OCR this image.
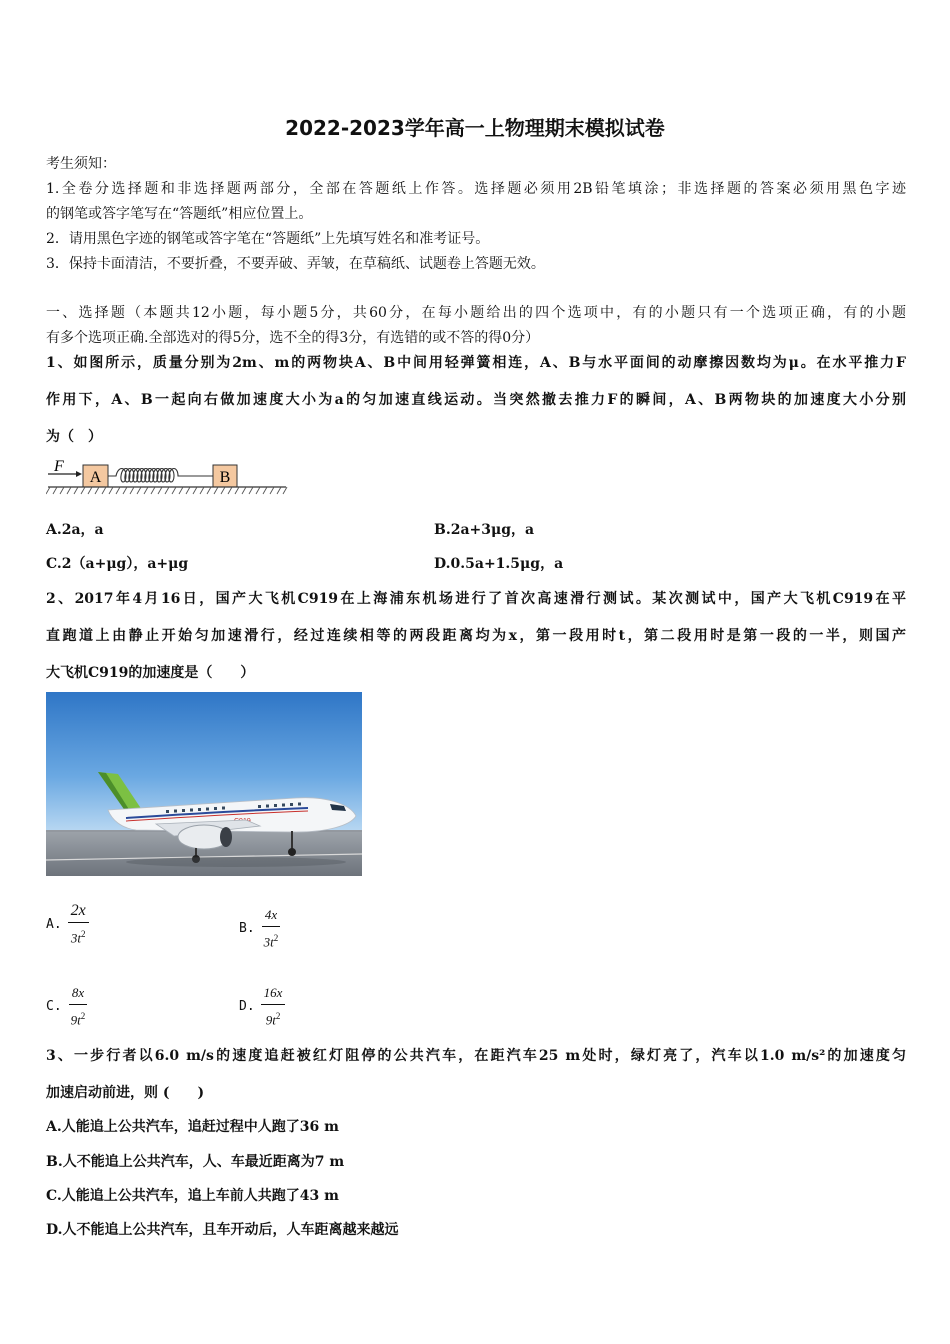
2022-2023学年高一上物理期末模拟试卷
考生须知：
1.全卷分选择题和非选择题两部分，全部在答题纸上作答。选择题必须用2B铅笔填涂；非选择题的答案必须用黑色字迹
的钢笔或答字笔写在“答题纸”相应位置上。
2．请用黑色字迹的钢笔或答字笔在“答题纸”上先填写姓名和准考证号。
3．保持卡面清洁，不要折叠，不要弄破、弄皱，在草稿纸、试题卷上答题无效。
一、选择题（本题共12小题，每小题5分，共60分，在每小题给出的四个选项中，有的小题只有一个选项正确，有的小题
有多个选项正确.全部选对的得5分，选不全的得3分，有选错的或不答的得0分）
1、如图所示，质量分别为2m、m的两物块A、B中间用轻弹簧相连，A、B与水平面间的动摩擦因数均为μ。在水平推力F
作用下，A、B一起向右做加速度大小为a的匀加速直线运动。当突然撤去推力F的瞬间，A、B两物块的加速度大小分别
为（　）
F
A	B
A.2a，a	B.2a+3μg，a
C.2（a+μg），a+μg	D.0.5a+1.5μg，a
2、2017年4月16日，国产大飞机C919在上海浦东机场进行了首次高速滑行测试。某次测试中，国产大飞机C919在平
直跑道上由静止开始匀加速滑行，经过连续相等的两段距离均为x，第一段用时t，第二段用时是第一段的一半，则国产
大飞机C919的加速度是（　　）
A. $\frac{2x}{3t^2}$	B. $\frac{4x}{3t^2}$
C. $\frac{8x}{9t^2}$	D. $\frac{16x}{9t^2}$
3、一步行者以6.0 m/s的速度追赶被红灯阻停的公共汽车，在距汽车25 m处时，绿灯亮了，汽车以1.0 m/s²的加速度匀
加速启动前进，则 (　　)
A.人能追上公共汽车，追赶过程中人跑了36 m
B.人不能追上公共汽车，人、车最近距离为7 m
C.人能追上公共汽车，追上车前人共跑了43 m
D.人不能追上公共汽车，且车开动后，人车距离越来越远
